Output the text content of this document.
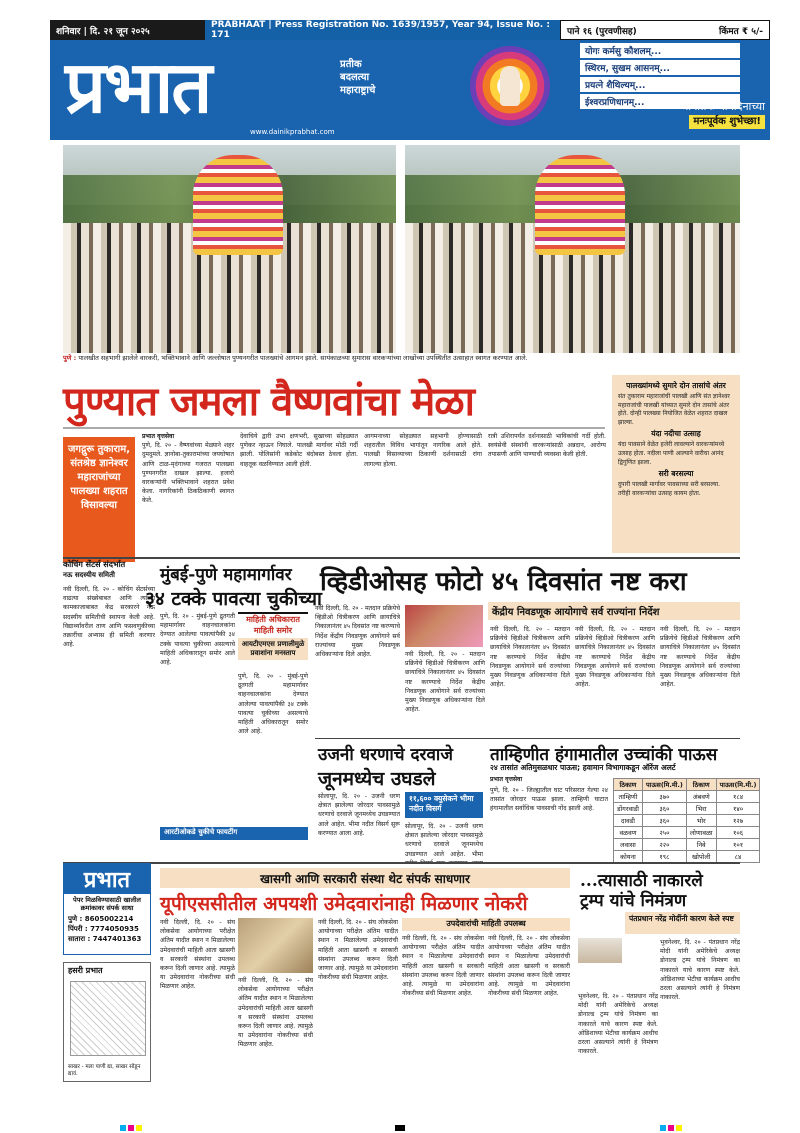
शनिवार | दि. २१ जून २०२५
PRABHAAT | Press Registration No. 1639/1957, Year 94, Issue No. : 171	पाने १६ (पुरवणीसह)	किंमत ₹ ५/-
प्रभात	प्रतीक
बदलत्या
महाराष्ट्राचे
www.dainikprabhat.com
योगः कर्मसु कौशलम्...
स्थिरम, सुखम आसनम्...
प्रयत्ने शैथिल्यम्...
ईश्वरप्रणिधानम्...	जागतिक योगदिनाच्या
मनःपूर्वक शुभेच्छा!
पुणे : पालखीत सहभागी झालेले वारकरी, भक्तिभावाने आणि जल्लोषात पुण्यनगरीत पालख्यांचे आगमन झाले. सायंकाळच्या सुमारास वारकऱ्यांच्या लाखोंच्या उपस्थितीत उत्साहात स्वागत करण्यात आले.
पुण्यात जमला वैष्णवांचा मेळा
जगद्गुरू तुकाराम, संतश्रेष्ठ ज्ञानेश्वर महाराजांच्या पालख्या शहरात विसावल्या
प्रभात वृत्तसेवा
पुणे, दि. २० - वैष्णवांच्या मेळ्याने शहर दुमदुमले. ज्ञानोबा-तुकारामांच्या जयघोषात आणि टाळ-मृदंगाच्या गजरात पालख्या पुण्यनगरीत दाखल झाल्या. हजारो वारकऱ्यांनी भक्तिभावाने शहरात प्रवेश केला. नागरिकांनी ठिकठिकाणी स्वागत केले.
देवाचिये द्वारी उभा क्षणभरी, सुखाच्या सोहळ्यात पुणेकर न्हाऊन निघाले. पालखी मार्गावर मोठी गर्दी झाली. पोलिसांनी कडेकोट बंदोबस्त ठेवला होता. वाहतूक वळविण्यात आली होती.
आगमनाच्या सोहळ्यात सहभागी होण्यासाठी शहरातील विविध भागांतून नागरिक आले होते. पालखी विसाव्याच्या ठिकाणी दर्शनासाठी रांगा लागल्या होत्या.
रात्री उशिरापर्यंत दर्शनासाठी भाविकांची गर्दी होती. स्वयंसेवी संस्थांनी वारकऱ्यांसाठी अन्नदान, आरोग्य तपासणी आणि पाण्याची व्यवस्था केली होती.
पालख्यांमध्ये सुमारे दोन तासांचे अंतर

संत तुकाराम महाराजांची पालखी आणि संत ज्ञानेश्वर महाराजांची पालखी यांच्यात सुमारे दोन तासांचे अंतर होते. दोन्ही पालख्या नियोजित वेळेत शहरात दाखल झाल्या.

यंदा नदीचा उत्साह

यंदा पावसाने वेळेत हजेरी लावल्याने वारकऱ्यांमध्ये उत्साह होता. नदीला पाणी आल्याने वारीचा आनंद द्विगुणित झाला.

सरी बरसल्या

दुपारी पालखी मार्गावर पावसाच्या सरी बरसल्या. तरीही वारकऱ्यांचा उत्साह कायम होता.

कोचिंग सेंटर्स संदर्भात
नऊ सदस्यीय समिती
नवी दिल्ली, दि. २० - कोचिंग सेंटर्सच्या वाढत्या संख्येबाबत आणि त्यांच्या कामकाजाबाबत केंद्र सरकारने नऊ सदस्यीय समितीची स्थापना केली आहे. विद्यार्थ्यांवरील ताण आणि फसवणुकीच्या तक्रारींचा अभ्यास ही समिती करणार आहे.
मुंबई-पुणे महामार्गावर
३४ टक्के पावत्या चुकीच्या
पुणे, दि. २० - मुंबई-पुणे द्रुतगती महामार्गावर वाहनचालकांना देण्यात आलेल्या पावत्यांपैकी ३४ टक्के पावत्या चुकीच्या असल्याचे माहिती अधिकारातून समोर आले आहे.
माहिती अधिकारात माहिती समोर
आयटीएमएस प्रणालीमुळे प्रवाशांना मनस्ताप
पुणे, दि. २० - मुंबई-पुणे द्रुतगती महामार्गावर वाहनचालकांना देण्यात आलेल्या पावत्यांपैकी ३४ टक्के पावत्या चुकीच्या असल्याचे माहिती अधिकारातून समोर आले आहे.
आरटीओकडे चुकीचे फायटींग
व्हिडीओसह फोटो ४५ दिवसांत नष्ट करा
केंद्रीय निवडणूक आयोगाचे सर्व राज्यांना निर्देश
नवी दिल्ली, दि. २० - मतदान प्रक्रियेचे व्हिडीओ चित्रीकरण आणि छायाचित्रे निकालानंतर ४५ दिवसांत नष्ट करण्याचे निर्देश केंद्रीय निवडणूक आयोगाने सर्व राज्यांच्या मुख्य निवडणूक अधिकाऱ्यांना दिले आहेत.	नवी दिल्ली, दि. २० - मतदान प्रक्रियेचे व्हिडीओ चित्रीकरण आणि छायाचित्रे निकालानंतर ४५ दिवसांत नष्ट करण्याचे निर्देश केंद्रीय निवडणूक आयोगाने सर्व राज्यांच्या मुख्य निवडणूक अधिकाऱ्यांना दिले आहेत.
नवी दिल्ली, दि. २० - मतदान प्रक्रियेचे व्हिडीओ चित्रीकरण आणि छायाचित्रे निकालानंतर ४५ दिवसांत नष्ट करण्याचे निर्देश केंद्रीय निवडणूक आयोगाने सर्व राज्यांच्या मुख्य निवडणूक अधिकाऱ्यांना दिले आहेत.
नवी दिल्ली, दि. २० - मतदान प्रक्रियेचे व्हिडीओ चित्रीकरण आणि छायाचित्रे निकालानंतर ४५ दिवसांत नष्ट करण्याचे निर्देश केंद्रीय निवडणूक आयोगाने सर्व राज्यांच्या मुख्य निवडणूक अधिकाऱ्यांना दिले आहेत.
नवी दिल्ली, दि. २० - मतदान प्रक्रियेचे व्हिडीओ चित्रीकरण आणि छायाचित्रे निकालानंतर ४५ दिवसांत नष्ट करण्याचे निर्देश केंद्रीय निवडणूक आयोगाने सर्व राज्यांच्या मुख्य निवडणूक अधिकाऱ्यांना दिले आहेत.
उजनी धरणाचे दरवाजे
जूनमध्येच उघडले
सोलापूर, दि. २० - उजनी धरण क्षेत्रात झालेल्या जोरदार पावसामुळे धरणाचे दरवाजे जूनमध्येच उघडण्यात आले आहेत. भीमा नदीत विसर्ग सुरू करण्यात आला आहे.
११,६०० क्युसेकने भीमा नदीत विसर्ग
सोलापूर, दि. २० - उजनी धरण क्षेत्रात झालेल्या जोरदार पावसामुळे धरणाचे दरवाजे जूनमध्येच उघडण्यात आले आहेत. भीमा
ताम्हिणीत हंगामातील उच्चांकी पाऊस
२४ तासांत अतिमुसळधार पाऊस; हवामान विभागाकडून ऑरेंज अलर्ट
प्रभात वृत्तसेवा
पुणे, दि. २० - जिल्ह्यातील घाट परिसरात गेल्या २४ तासांत जोरदार पाऊस झाला. ताम्हिणी घाटात हंगामातील सर्वाधिक पावसाची नोंद झाली आहे.
ठिकाण	पाऊस(मि.मी.)	ठिकाण	पाऊस(मि.मी.)
ताम्हिणी	३७०	अंबवणे	१८४
डोंगरवाडी	३६०	भिरा	१४०
दावडी	३६०	भोर	१२७
वळवण	२५०	लोणावळा	१०६
लवासा	२२०	निवे	१०१
कोयना	१९८	खोपोली	८४
प्रभात
पेपर मिळविण्यासाठी खालील क्रमांकावर संपर्क साधा
पुणे : 8605002214
पिंपरी : 7774050935
सातारा : 7447401363
हसरी प्रभात
साखर - मला पाणी द्या, साखर सोडून द्यावं.
खासगी आणि सरकारी संस्था थेट संपर्क साधणार
यूपीएससीतील अपयशी उमेदवारांनाही मिळणार नोकरी
नवी दिल्ली, दि. २० - संघ लोकसेवा आयोगाच्या परीक्षेत अंतिम यादीत स्थान न मिळालेल्या उमेदवारांची माहिती आता खासगी व सरकारी संस्थांना उपलब्ध करून दिली जाणार आहे. त्यामुळे या उमेदवारांना नोकरीच्या संधी मिळणार आहेत.
नवी दिल्ली, दि. २० - संघ लोकसेवा आयोगाच्या परीक्षेत अंतिम यादीत स्थान न मिळालेल्या उमेदवारांची माहिती आता खासगी व सरकारी संस्थांना उपलब्ध करून दिली जाणार आहे. त्यामुळे या उमेदवारांना नोकरीच्या संधी मिळणार आहेत.
नवी दिल्ली, दि. २० - संघ लोकसेवा आयोगाच्या परीक्षेत अंतिम यादीत स्थान न मिळालेल्या उमेदवारांची माहिती आता खासगी व सरकारी संस्थांना उपलब्ध करून दिली जाणार आहे. त्यामुळे या उमेदवारांना नोकरीच्या संधी मिळणार आहेत.
उपदेवारांची माहिती उपलब्ध
नवी दिल्ली, दि. २० - संघ लोकसेवा आयोगाच्या परीक्षेत अंतिम यादीत स्थान न मिळालेल्या उमेदवारांची माहिती आता खासगी व सरकारी संस्थांना उपलब्ध करून दिली जाणार आहे. त्यामुळे या उमेदवारांना नोकरीच्या संधी मिळणार आहेत.
नवी दिल्ली, दि. २० - संघ लोकसेवा आयोगाच्या परीक्षेत अंतिम यादीत स्थान न मिळालेल्या उमेदवारांची माहिती आता खासगी व सरकारी संस्थांना उपलब्ध करून दिली जाणार आहे. त्यामुळे या उमेदवारांना नोकरीच्या संधी मिळणार आहेत.
...त्यासाठी नाकारले
ट्रम्प यांचे निमंत्रण
पंतप्रधान नरेंद्र मोदींनी कारण केले स्पष्ट
भुवनेश्वर, दि. २० - पंतप्रधान नरेंद्र मोदी यांनी अमेरिकेचे अध्यक्ष डोनाल्ड ट्रम्प यांचे निमंत्रण का नाकारले याचे कारण स्पष्ट केले. ओडिशाच्या भेटीचा कार्यक्रम आधीच ठरला असल्याने त्यांनी हे निमंत्रण नाकारले.
भुवनेश्वर, दि. २० - पंतप्रधान नरेंद्र मोदी यांनी अमेरिकेचे अध्यक्ष डोनाल्ड ट्रम्प यांचे निमंत्रण का नाकारले याचे कारण स्पष्ट केले. ओडिशाच्या भेटीचा कार्यक्रम आधीच ठरला असल्याने त्यांनी हे निमंत्रण नाकारले.
